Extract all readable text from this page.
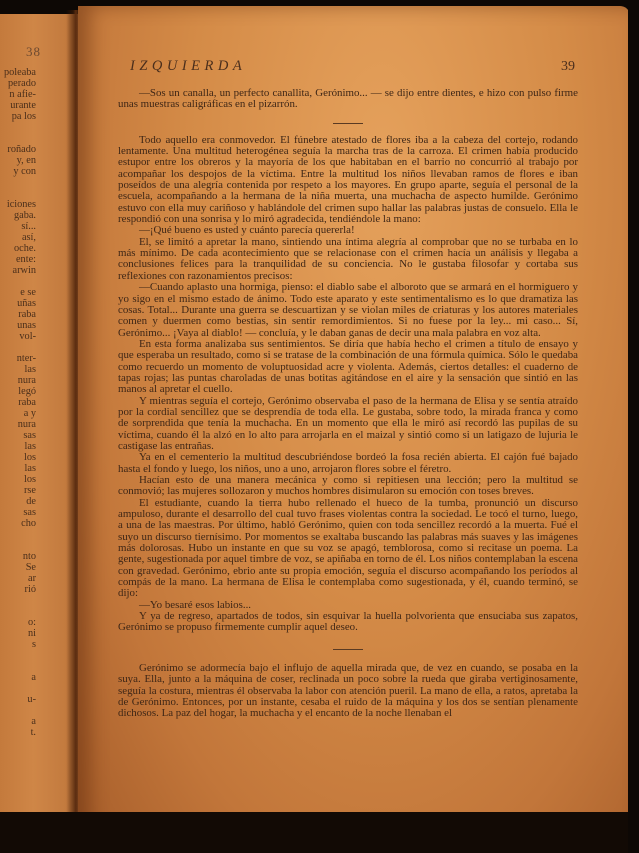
38
poleaba
perado
n afie-
urante
pa los
roñado
y, en
y con
iciones
gaba.
sí...
así,
oche.
ente:
arwin
e se
uñas
raba
unas
vol-
nter-
las
nura
legó
raba
a y
nura
sas
las
los
las
los
rse
de
sas
cho
nto
Se
ar
rió
o:
ni
s
a
u-
a
t.
IZQUIERDA	39

—Sos un canalla, un perfecto canallita, Gerónimo... — se dijo entre dientes, e hizo con pulso firme unas muestras caligráficas en el pizarrón.

Todo aquello era conmovedor. El fúnebre atestado de flores iba a la cabeza del cortejo, rodando lentamente. Una multitud heterogénea seguía la marcha tras de la carroza. El crimen había producido estupor entre los obreros y la mayoría de los que habitaban en el barrio no concurrió al trabajo por acompañar los despojos de la víctima. Entre la multitud los niños llevaban ramos de flores e iban poseídos de una alegría contenida por respeto a los mayores. En grupo aparte, seguía el personal de la escuela, acompañando a la hermana de la niña muerta, una muchacha de aspecto humilde. Gerónimo estuvo con ella muy cariñoso y hablándole del crimen supo hallar las palabras justas de consuelo. Ella le respondió con una sonrisa y lo miró agradecida, tendiéndole la mano:

—¡Qué bueno es usted y cuánto parecía quererla!

El, se limitó a apretar la mano, sintiendo una íntima alegría al comprobar que no se turbaba en lo más mínimo. De cada acontecimiento que se relacionase con el crimen hacía un análisis y llegaba a conclusiones felices para la tranquilidad de su conciencia. No le gustaba filosofar y cortaba sus reflexiones con razonamientos precisos:

—Cuando aplasto una hormiga, pienso: el diablo sabe el alboroto que se armará en el hormiguero y yo sigo en el mismo estado de ánimo. Todo este aparato y este sentimentalismo es lo que dramatiza las cosas. Total... Durante una guerra se descuartizan y se violan miles de criaturas y los autores materiales comen y duermen como bestias, sin sentir remordimientos. Si no fuese por la ley... mi caso... Sí, Gerónimo... ¡Vaya al diablo! — concluía, y le daban ganas de decir una mala palabra en voz alta.

En esta forma analizaba sus sentimientos. Se diría que había hecho el crimen a título de ensayo y que esperaba un resultado, como si se tratase de la combinación de una fórmula química. Sólo le quedaba como recuerdo un momento de voluptuosidad acre y violenta. Además, ciertos detalles: el cuaderno de tapas rojas; las puntas charoladas de unas botitas agitándose en el aire y la sensación que sintió en las manos al apretar el cuello.

Y mientras seguía el cortejo, Gerónimo observaba el paso de la hermana de Elisa y se sentía atraído por la cordial sencillez que se desprendía de toda ella. Le gustaba, sobre todo, la mirada franca y como de sorprendida que tenía la muchacha. En un momento que ella le miró así recordó las pupilas de su víctima, cuando él la alzó en lo alto para arrojarla en el maizal y sintió como si un latigazo de lujuria le castigase las entrañas.

Ya en el cementerio la multitud descubriéndose bordeó la fosa recién abierta. El cajón fué bajado hasta el fondo y luego, los niños, uno a uno, arrojaron flores sobre el féretro.

Hacían esto de una manera mecánica y como si repitiesen una lección; pero la multitud se conmovió; las mujeres sollozaron y muchos hombres disimularon su emoción con toses breves.

El estudiante, cuando la tierra hubo rellenado el hueco de la tumba, pronunció un discurso ampuloso, durante el desarrollo del cual tuvo frases violentas contra la sociedad. Le tocó el turno, luego, a una de las maestras. Por último, habló Gerónimo, quien con toda sencillez recordó a la muerta. Fué el suyo un discurso tiernísimo. Por momentos se exaltaba buscando las palabras más suaves y las imágenes más dolorosas. Hubo un instante en que su voz se apagó, temblorosa, como si recitase un poema. La gente, sugestionada por aquel timbre de voz, se apiñaba en torno de él. Los niños contemplaban la escena con gravedad. Gerónimo, ebrio ante su propia emoción, seguía el discurso acompañando los períodos al compás de la mano. La hermana de Elisa le contemplaba como sugestionada, y él, cuando terminó, se dijo:

—Yo besaré esos labios...

Y ya de regreso, apartados de todos, sin esquivar la huella polvorienta que ensuciaba sus zapatos, Gerónimo se propuso firmemente cumplir aquel deseo.

Gerónimo se adormecía bajo el influjo de aquella mirada que, de vez en cuando, se posaba en la suya. Ella, junto a la máquina de coser, reclinada un poco sobre la rueda que giraba vertiginosamente, seguía la costura, mientras él observaba la labor con atención pueril. La mano de ella, a ratos, apretaba la de Gerónimo. Entonces, por un instante, cesaba el ruido de la máquina y los dos se sentían plenamente dichosos. La paz del hogar, la muchacha y el encanto de la noche llenaban el
